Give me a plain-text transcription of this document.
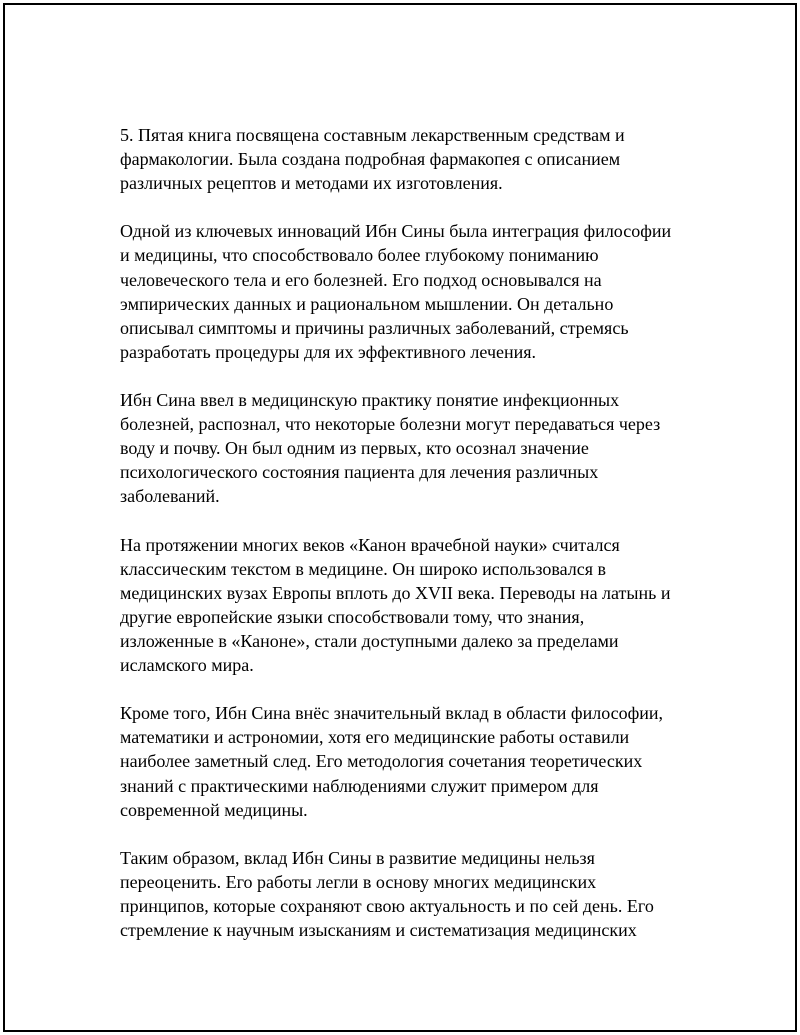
5. Пятая книга посвящена составным лекарственным средствам и
фармакологии. Была создана подробная фармакопея с описанием
различных рецептов и методами их изготовления.

Одной из ключевых инноваций Ибн Сины была интеграция философии
и медицины, что способствовало более глубокому пониманию
человеческого тела и его болезней. Его подход основывался на
эмпирических данных и рациональном мышлении. Он детально
описывал симптомы и причины различных заболеваний, стремясь
разработать процедуры для их эффективного лечения.

Ибн Сина ввел в медицинскую практику понятие инфекционных
болезней, распознал, что некоторые болезни могут передаваться через
воду и почву. Он был одним из первых, кто осознал значение
психологического состояния пациента для лечения различных
заболеваний.

На протяжении многих веков «Канон врачебной науки» считался
классическим текстом в медицине. Он широко использовался в
медицинских вузах Европы вплоть до XVII века. Переводы на латынь и
другие европейские языки способствовали тому, что знания,
изложенные в «Каноне», стали доступными далеко за пределами
исламского мира.

Кроме того, Ибн Сина внёс значительный вклад в области философии,
математики и астрономии, хотя его медицинские работы оставили
наиболее заметный след. Его методология сочетания теоретических
знаний с практическими наблюдениями служит примером для
современной медицины.

Таким образом, вклад Ибн Сины в развитие медицины нельзя
переоценить. Его работы легли в основу многих медицинских
принципов, которые сохраняют свою актуальность и по сей день. Его
стремление к научным изысканиям и систематизация медицинских
